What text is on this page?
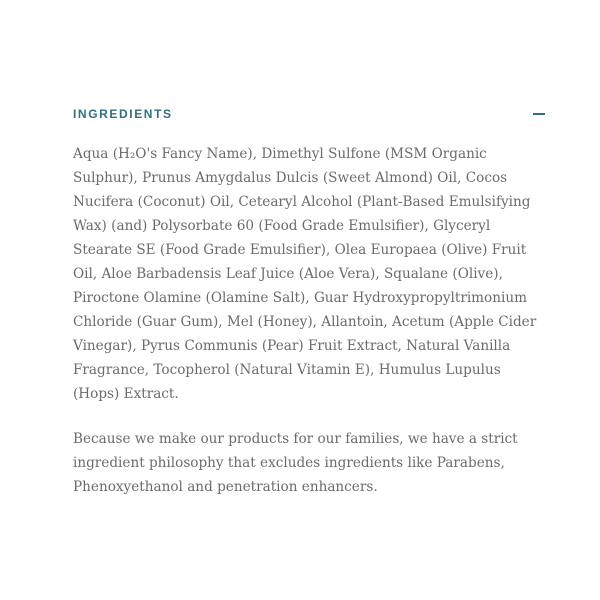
INGREDIENTS

Aqua (H₂O's Fancy Name), Dimethyl Sulfone (MSM Organic Sulphur), Prunus Amygdalus Dulcis (Sweet Almond) Oil, Cocos Nucifera (Coconut) Oil, Cetearyl Alcohol (Plant-Based Emulsifying Wax) (and) Polysorbate 60 (Food Grade Emulsifier), Glyceryl Stearate SE (Food Grade Emulsifier), Olea Europaea (Olive) Fruit Oil, Aloe Barbadensis Leaf Juice (Aloe Vera), Squalane (Olive), Piroctone Olamine (Olamine Salt), Guar Hydroxypropyltrimonium Chloride (Guar Gum), Mel (Honey), Allantoin, Acetum (Apple Cider Vinegar), Pyrus Communis (Pear) Fruit Extract, Natural Vanilla Fragrance, Tocopherol (Natural Vitamin E), Humulus Lupulus (Hops) Extract.

Because we make our products for our families, we have a strict ingredient philosophy that excludes ingredients like Parabens, Phenoxyethanol and penetration enhancers.
